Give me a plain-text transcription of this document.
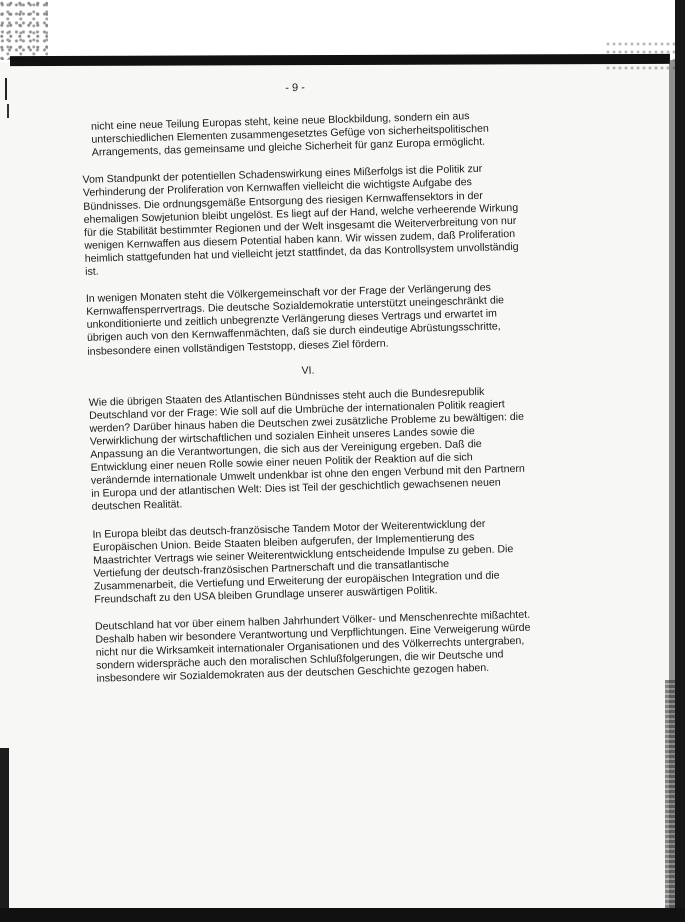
- 9 -

nicht eine neue Teilung Europas steht, keine neue Blockbildung, sondern ein aus unterschiedlichen Elementen zusammengesetztes Gefüge von sicherheitspolitischen Arrangements, das gemeinsame und gleiche Sicherheit für ganz Europa ermöglicht.

Vom Standpunkt der potentiellen Schadenswirkung eines Mißerfolgs ist die Politik zur Verhinderung der Proliferation von Kernwaffen vielleicht die wichtigste Aufgabe des Bündnisses. Die ordnungsgemäße Entsorgung des riesigen Kernwaffensektors in der ehemaligen Sowjetunion bleibt ungelöst. Es liegt auf der Hand, welche verheerende Wirkung für die Stabilität bestimmter Regionen und der Welt insgesamt die Weiterverbreitung von nur wenigen Kernwaffen aus diesem Potential haben kann. Wir wissen zudem, daß Proliferation heimlich stattgefunden hat und vielleicht jetzt stattfindet, da das Kontrollsystem unvollständig ist.

In wenigen Monaten steht die Völkergemeinschaft vor der Frage der Verlängerung des Kernwaffensperrvertrags. Die deutsche Sozialdemokratie unterstützt uneingeschränkt die unkonditionierte und zeitlich unbegrenzte Verlängerung dieses Vertrags und erwartet im übrigen auch von den Kernwaffenmächten, daß sie durch eindeutige Abrüstungsschritte, insbesondere einen vollständigen Teststopp, dieses Ziel fördern.

VI.

Wie die übrigen Staaten des Atlantischen Bündnisses steht auch die Bundesrepublik Deutschland vor der Frage: Wie soll auf die Umbrüche der internationalen Politik reagiert werden? Darüber hinaus haben die Deutschen zwei zusätzliche Probleme zu bewältigen: die Verwirklichung der wirtschaftlichen und sozialen Einheit unseres Landes sowie die Anpassung an die Verantwortungen, die sich aus der Vereinigung ergeben. Daß die Entwicklung einer neuen Rolle sowie einer neuen Politik der Reaktion auf die sich verändernde internationale Umwelt undenkbar ist ohne den engen Verbund mit den Partnern in Europa und der atlantischen Welt: Dies ist Teil der geschichtlich gewachsenen neuen deutschen Realität.

In Europa bleibt das deutsch-französische Tandem Motor der Weiterentwicklung der Europäischen Union. Beide Staaten bleiben aufgerufen, der Implementierung des Maastrichter Vertrags wie seiner Weiterentwicklung entscheidende Impulse zu geben. Die Vertiefung der deutsch-französischen Partnerschaft und die transatlantische Zusammenarbeit, die Vertiefung und Erweiterung der europäischen Integration und die Freundschaft zu den USA bleiben Grundlage unserer auswärtigen Politik.

Deutschland hat vor über einem halben Jahrhundert Völker- und Menschenrechte mißachtet. Deshalb haben wir besondere Verantwortung und Verpflichtungen. Eine Verweigerung würde nicht nur die Wirksamkeit internationaler Organisationen und des Völkerrechts untergraben, sondern widerspräche auch den moralischen Schlußfolgerungen, die wir Deutsche und insbesondere wir Sozialdemokraten aus der deutschen Geschichte gezogen haben.
